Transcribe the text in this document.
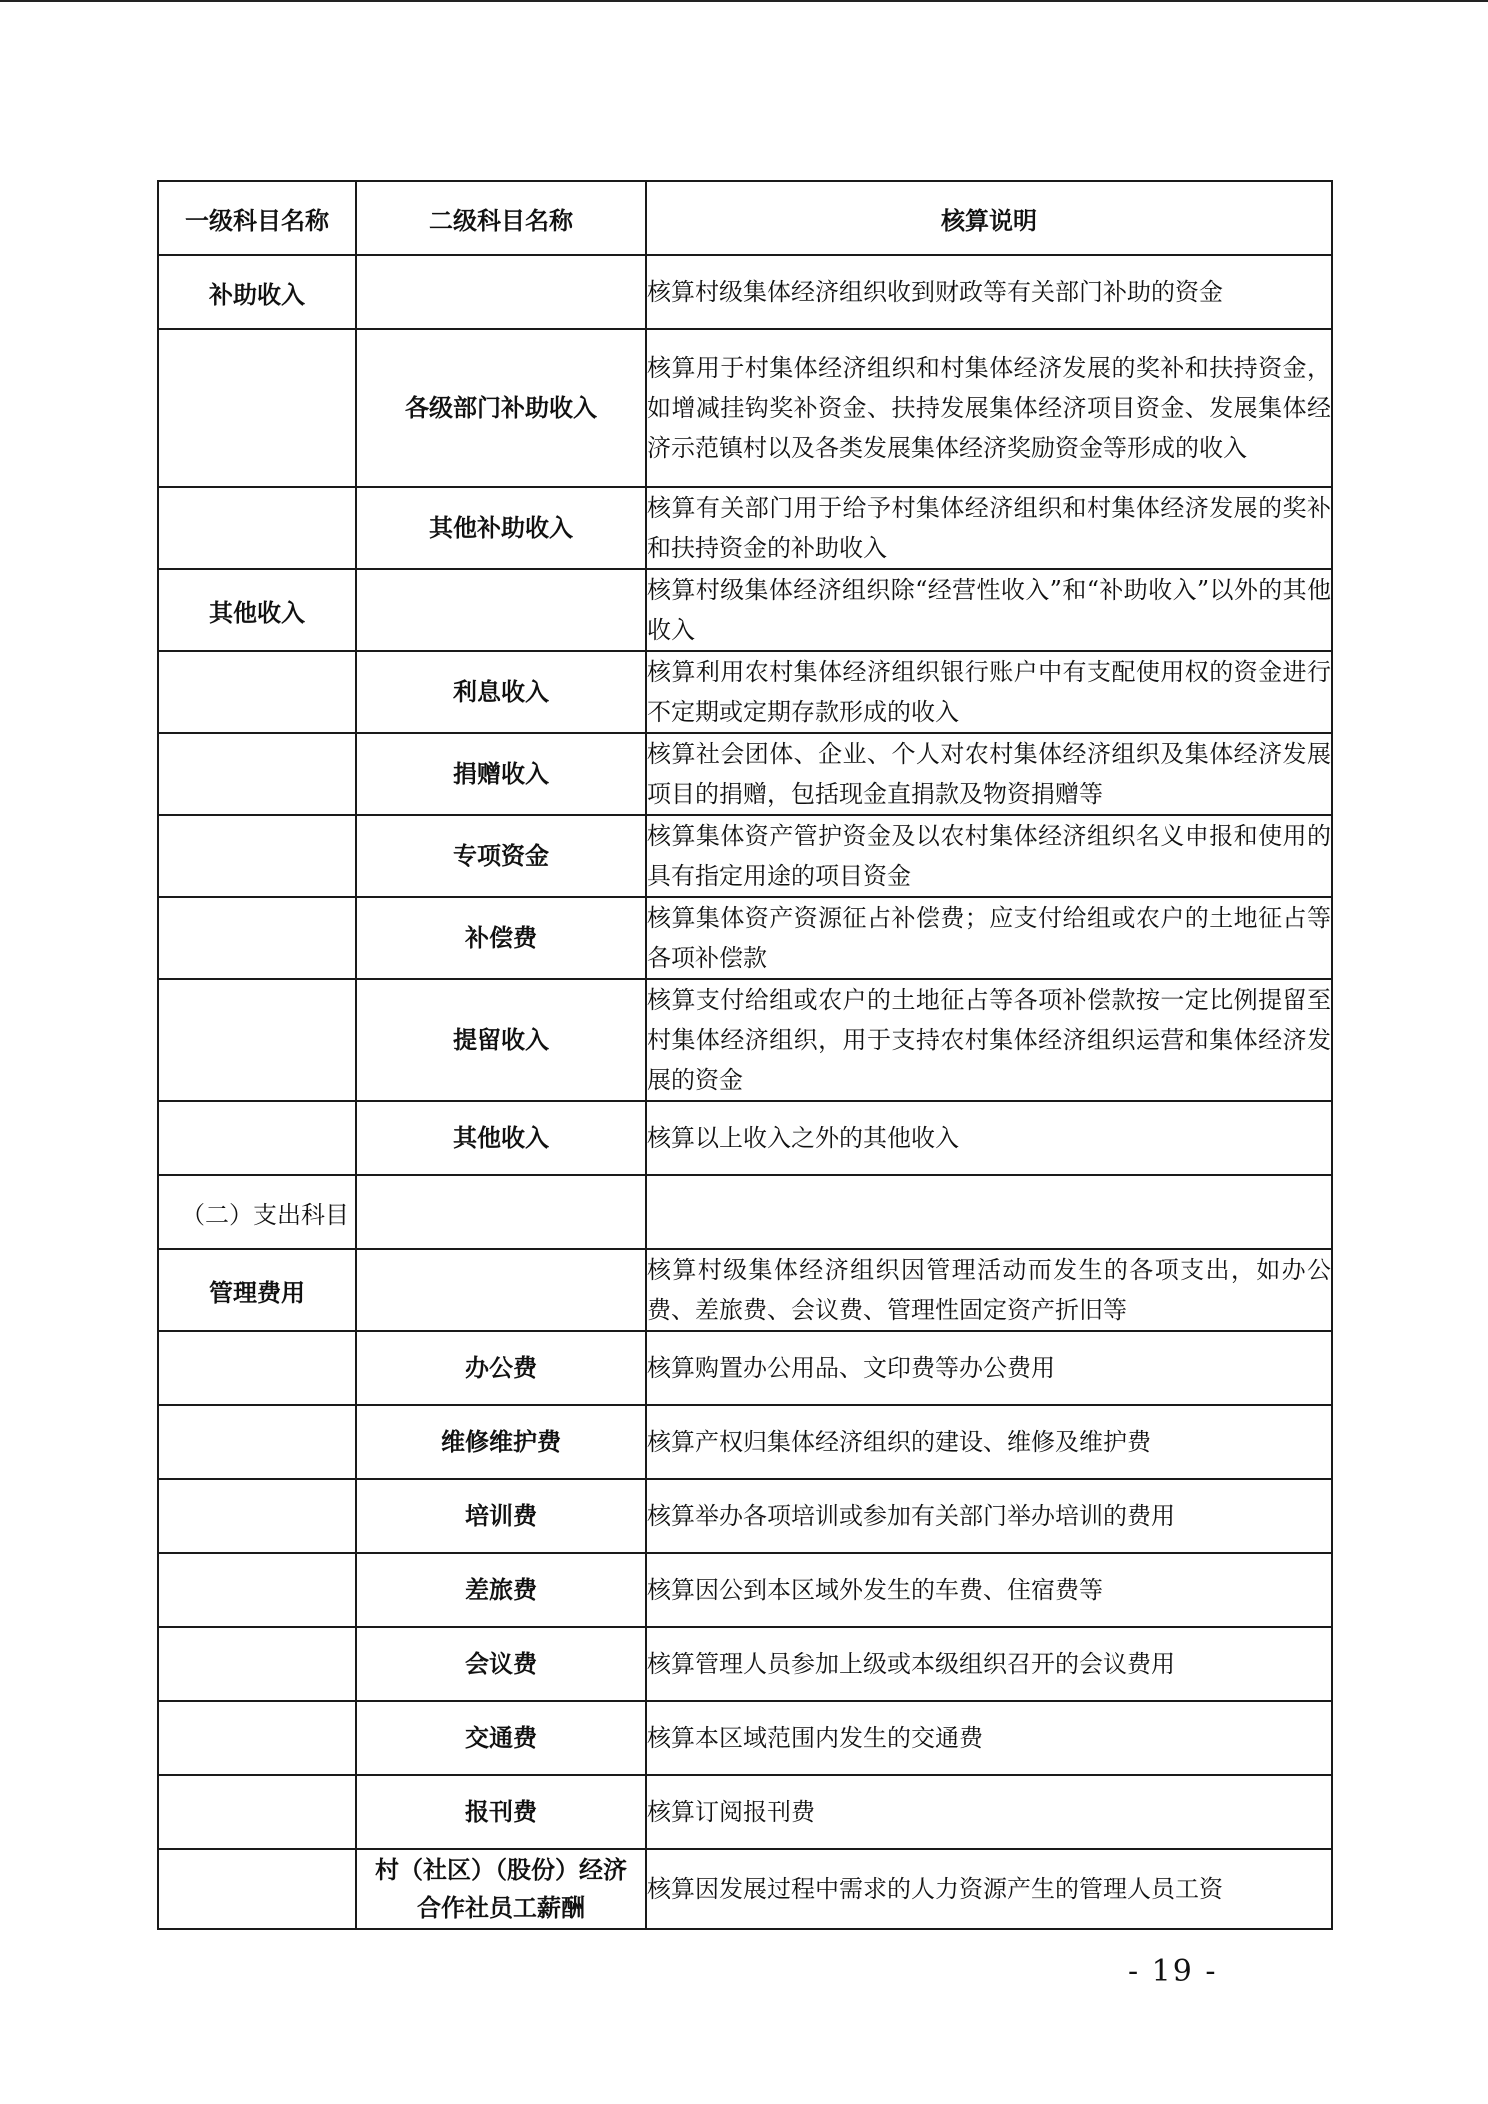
一级科目名称	二级科目名称	核算说明
补助收入		核算村级集体经济组织收到财政等有关部门补助的资金
	各级部门补助收入	核算用于村集体经济组织和村集体经济发展的奖补和扶持资金，如增减挂钩奖补资金、扶持发展集体经济项目资金、发展集体经济示范镇村以及各类发展集体经济奖励资金等形成的收入
	其他补助收入	核算有关部门用于给予村集体经济组织和村集体经济发展的奖补和扶持资金的补助收入
其他收入		核算村级集体经济组织除“经营性收入”和“补助收入”以外的其他收入
	利息收入	核算利用农村集体经济组织银行账户中有支配使用权的资金进行不定期或定期存款形成的收入
	捐赠收入	核算社会团体、企业、个人对农村集体经济组织及集体经济发展项目的捐赠，包括现金直捐款及物资捐赠等
	专项资金	核算集体资产管护资金及以农村集体经济组织名义申报和使用的具有指定用途的项目资金
	补偿费	核算集体资产资源征占补偿费；应支付给组或农户的土地征占等各项补偿款
	提留收入	核算支付给组或农户的土地征占等各项补偿款按一定比例提留至村集体经济组织，用于支持农村集体经济组织运营和集体经济发展的资金
	其他收入	核算以上收入之外的其他收入
（二）支出科目		
管理费用		核算村级集体经济组织因管理活动而发生的各项支出，如办公费、差旅费、会议费、管理性固定资产折旧等
	办公费	核算购置办公用品、文印费等办公费用
	维修维护费	核算产权归集体经济组织的建设、维修及维护费
	培训费	核算举办各项培训或参加有关部门举办培训的费用
	差旅费	核算因公到本区域外发生的车费、住宿费等
	会议费	核算管理人员参加上级或本级组织召开的会议费用
	交通费	核算本区域范围内发生的交通费
	报刊费	核算订阅报刊费
	村（社区）（股份）经济合作社员工薪酬	核算因发展过程中需求的人力资源产生的管理人员工资
- 19 -
